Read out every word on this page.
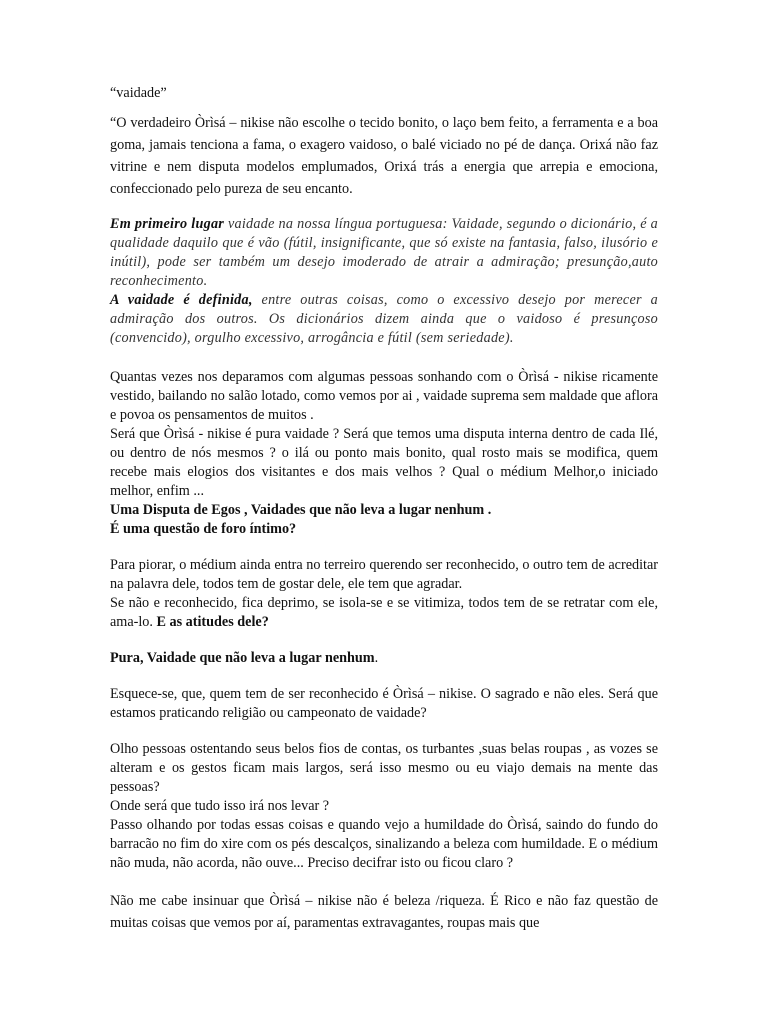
“vaidade”

“O verdadeiro Òrìsá – nikise não escolhe o tecido bonito, o laço bem feito, a ferramenta e a boa goma, jamais tenciona a fama, o exagero vaidoso, o balé viciado no pé de dança. Orixá não faz vitrine e nem disputa modelos emplumados, Orixá trás a energia que arrepia e emociona, confeccionado pelo pureza de seu encanto.

Em primeiro lugar vaidade na nossa língua portuguesa: Vaidade, segundo o dicionário, é a qualidade daquilo que é vão (fútil, insignificante, que só existe na fantasia, falso, ilusório e inútil), pode ser também um desejo imoderado de atrair a admiração; presunção,auto reconhecimento.

A vaidade é definida, entre outras coisas, como o excessivo desejo por merecer a admiração dos outros. Os dicionários dizem ainda que o vaidoso é presunçoso (convencido), orgulho excessivo, arrogância e fútil (sem seriedade).

Quantas vezes nos deparamos com algumas pessoas sonhando com o Òrìsá - nikise ricamente vestido, bailando no salão lotado, como vemos por ai , vaidade suprema sem maldade que aflora e povoa os pensamentos de muitos .

Será que Òrìsá - nikise é pura vaidade ? Será que temos uma disputa interna dentro de cada Ilé, ou dentro de nós mesmos ? o ilá ou ponto mais bonito, qual rosto mais se modifica, quem recebe mais elogios dos visitantes e dos mais velhos ? Qual o médium Melhor,o iniciado melhor, enfim ...

Uma Disputa de Egos , Vaidades que não leva a lugar nenhum .

É uma questão de foro íntimo?

Para piorar, o médium ainda entra no terreiro querendo ser reconhecido, o outro tem de acreditar na palavra dele, todos tem de gostar dele, ele tem que agradar.

Se não e reconhecido, fica deprimo, se isola-se e se vitimiza, todos tem de se retratar com ele, ama-lo. E as atitudes dele?

Pura, Vaidade que não leva a lugar nenhum.

Esquece-se, que, quem tem de ser reconhecido é Òrìsá – nikise. O sagrado e não eles. Será que estamos praticando religião ou campeonato de vaidade?

Olho pessoas ostentando seus belos fios de contas, os turbantes ,suas belas roupas , as vozes se alteram e os gestos ficam mais largos, será isso mesmo ou eu viajo demais na mente das pessoas?

Onde será que tudo isso irá nos levar ?

Passo olhando por todas essas coisas e quando vejo a humildade do Òrìsá, saindo do fundo do barracão no fim do xire com os pés descalços, sinalizando a beleza com humildade. E o médium não muda, não acorda, não ouve... Preciso decifrar isto ou ficou claro ?

Não me cabe insinuar que Òrìsá – nikise não é beleza /riqueza. É Rico e não faz questão de muitas coisas que vemos por aí, paramentas extravagantes, roupas mais que
